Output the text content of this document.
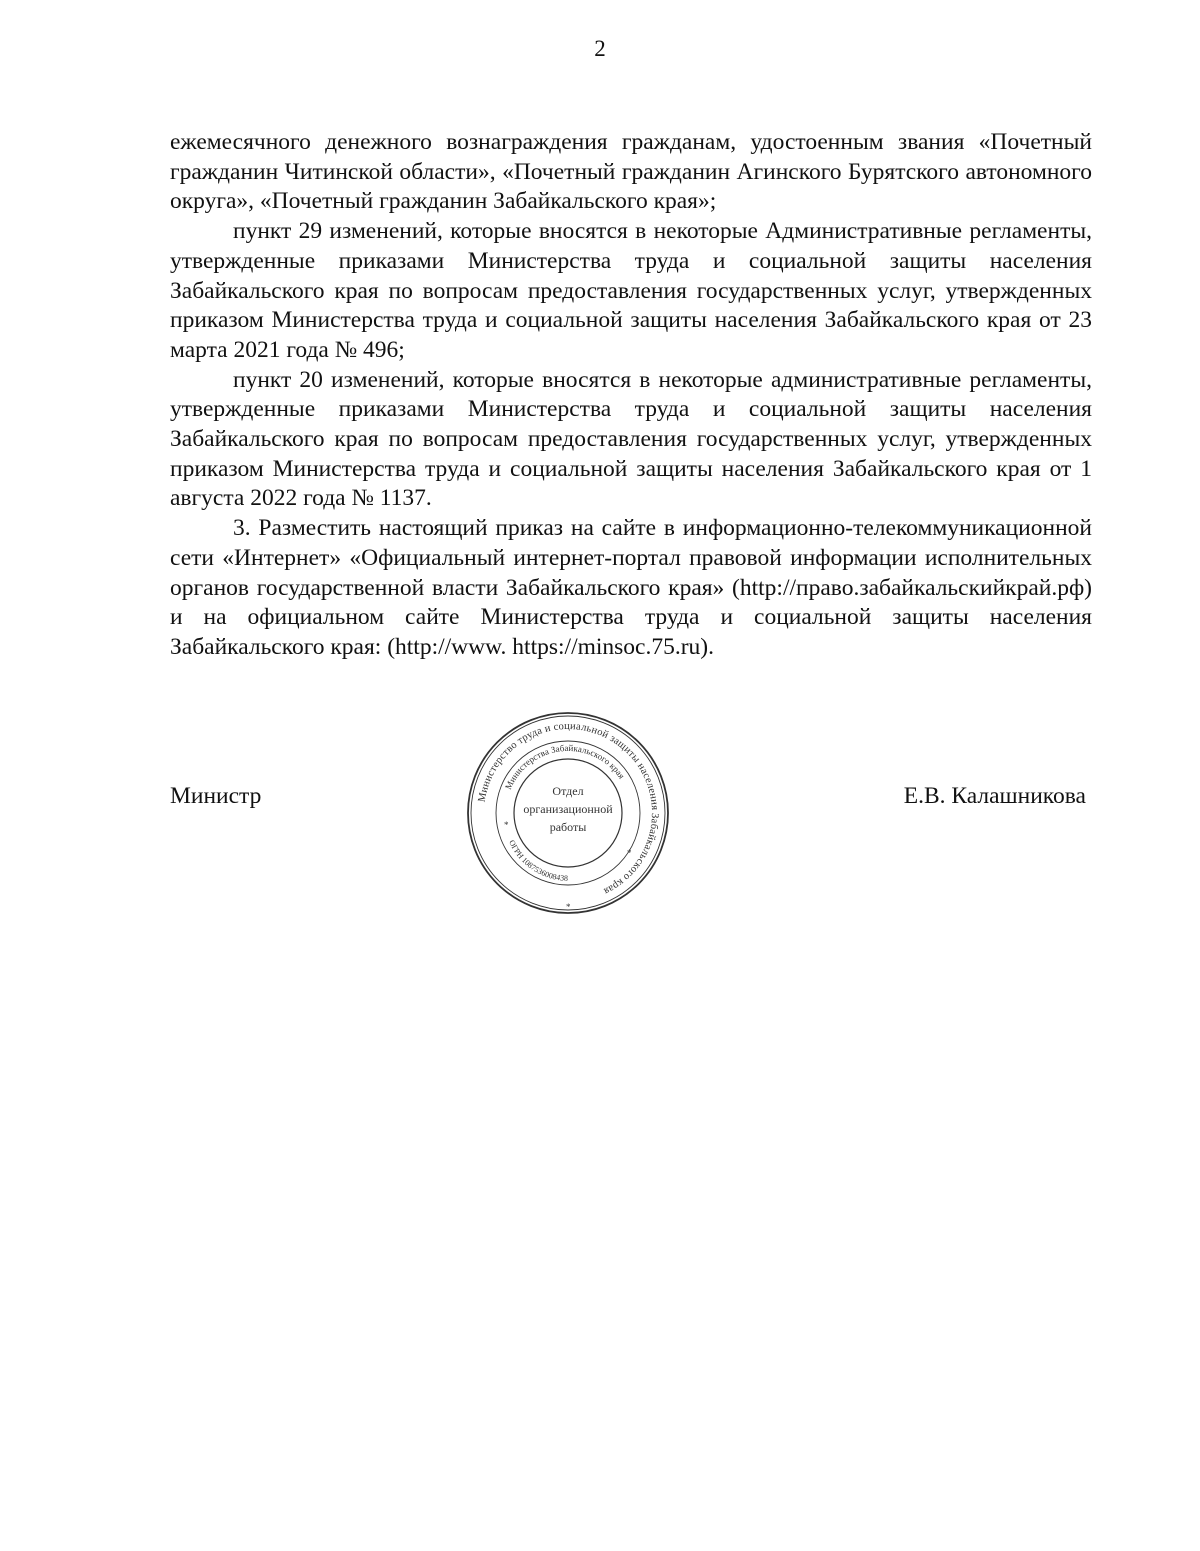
2

ежемесячного денежного вознаграждения гражданам, удостоенным звания «Почетный гражданин Читинской области», «Почетный гражданин Агинского Бурятского автономного округа», «Почетный гражданин Забайкальского края»;

пункт 29 изменений, которые вносятся в некоторые Административные регламенты, утвержденные приказами Министерства труда и социальной защиты населения Забайкальского края по вопросам предоставления государственных услуг, утвержденных приказом Министерства труда и социальной защиты населения Забайкальского края от 23 марта 2021 года № 496;

пункт 20 изменений, которые вносятся в некоторые административные регламенты, утвержденные приказами Министерства труда и социальной защиты населения Забайкальского края по вопросам предоставления государственных услуг, утвержденных приказом Министерства труда и социальной защиты населения Забайкальского края от 1 августа 2022 года № 1137.

3. Разместить настоящий приказ на сайте в информационно-телекоммуникационной сети «Интернет» «Официальный интернет-портал правовой информации исполнительных органов государственной власти Забайкальского края» (http://право.забайкальскийкрай.рф) и на официальном сайте Министерства труда и социальной защиты населения Забайкальского края: (http://www. https://minsoc.75.ru).

Министр	Е.В. Калашникова
Министерство труда и социальной защиты населения Забайкальского края
Министерства Забайкальского края
ОГРН 1087536008438
Отдел
организационной
работы
*
*
*
